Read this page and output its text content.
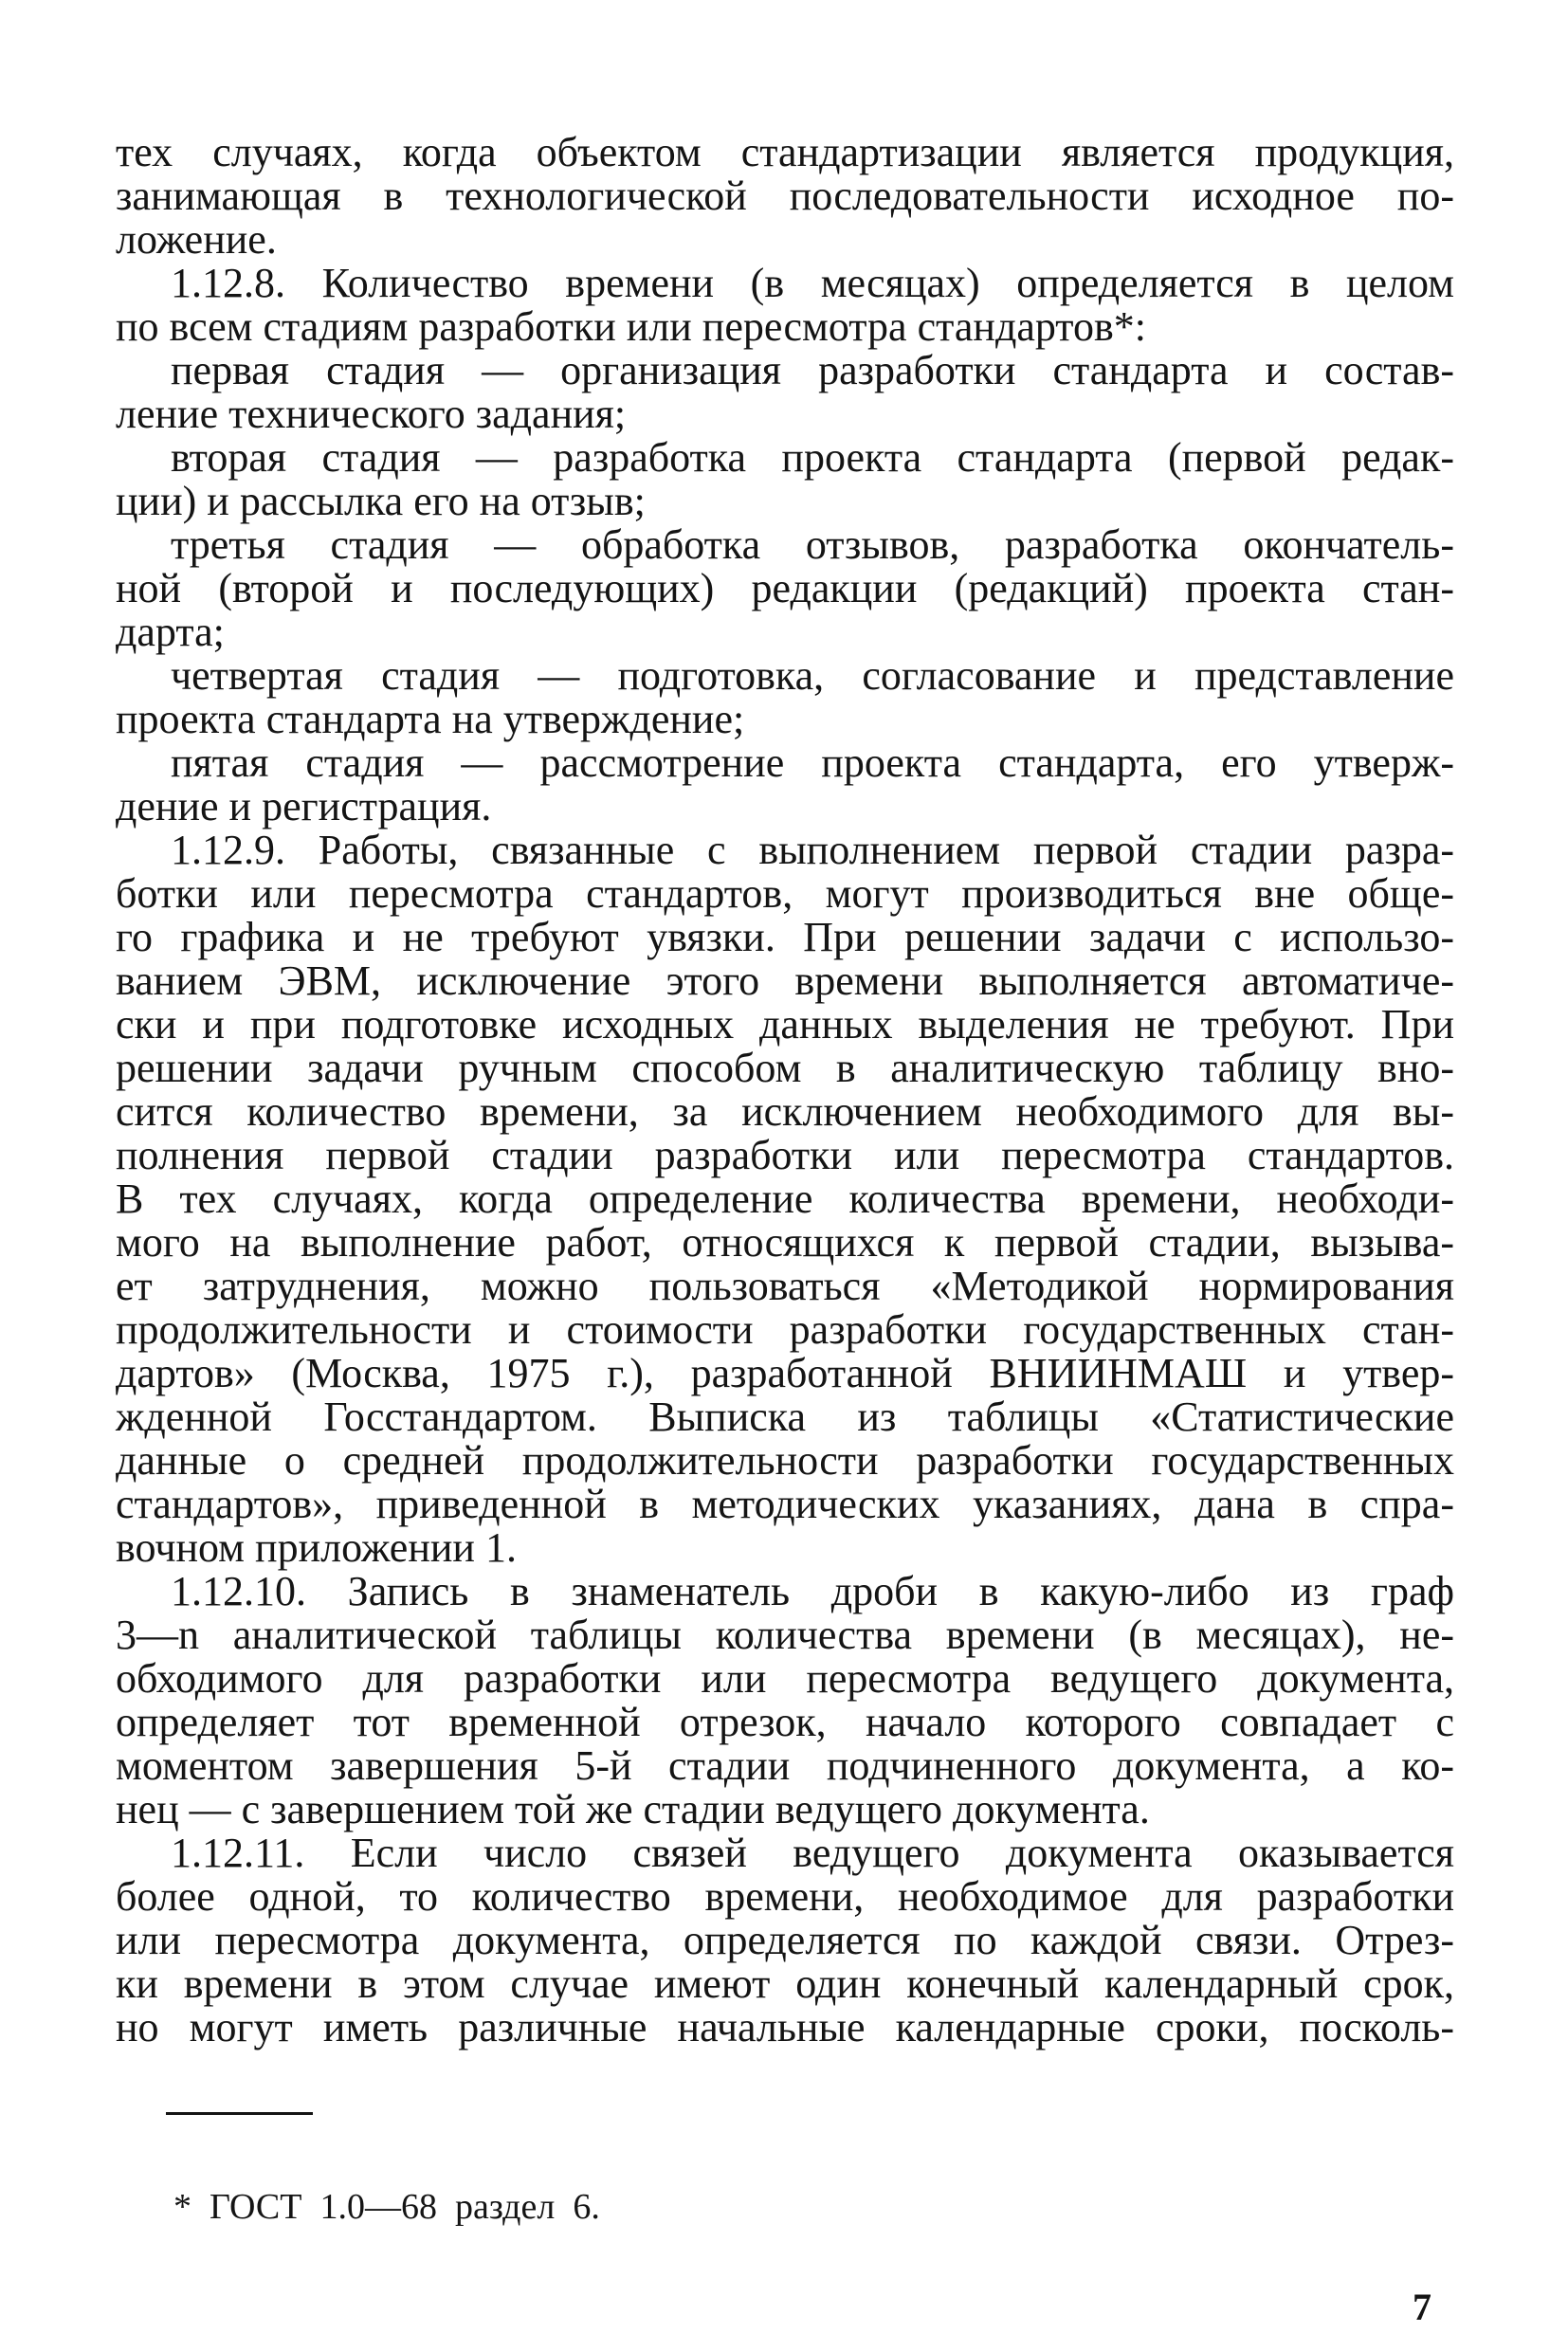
тех случаях, когда объектом стандартизации является продукция,
занимающая в технологической последовательности исходное по-
ложение.
1.12.8. Количество времени (в месяцах) определяется в целом
по всем стадиям разработки или пересмотра стандартов*:
первая стадия — организация разработки стандарта и состав-
ление технического задания;
вторая стадия — разработка проекта стандарта (первой редак-
ции) и рассылка его на отзыв;
третья стадия — обработка отзывов, разработка окончатель-
ной (второй и последующих) редакции (редакций) проекта стан-
дарта;
четвертая стадия — подготовка, согласование и представление
проекта стандарта на утверждение;
пятая стадия — рассмотрение проекта стандарта, его утверж-
дение и регистрация.
1.12.9. Работы, связанные с выполнением первой стадии разра-
ботки или пересмотра стандартов, могут производиться вне обще-
го графика и не требуют увязки. При решении задачи с использо-
ванием ЭВМ, исключение этого времени выполняется автоматиче-
ски и при подготовке исходных данных выделения не требуют. При
решении задачи ручным способом в аналитическую таблицу вно-
сится количество времени, за исключением необходимого для вы-
полнения первой стадии разработки или пересмотра стандартов.
В тех случаях, когда определение количества времени, необходи-
мого на выполнение работ, относящихся к первой стадии, вызыва-
ет затруднения, можно пользоваться «Методикой нормирования
продолжительности и стоимости разработки государственных стан-
дартов» (Москва, 1975 г.), разработанной ВНИИНМАШ и утвер-
жденной Госстандартом. Выписка из таблицы «Статистические
данные о средней продолжительности разработки государственных
стандартов», приведенной в методических указаниях, дана в спра-
вочном приложении 1.
1.12.10. Запись в знаменатель дроби в какую-либо из граф
3—n аналитической таблицы количества времени (в месяцах), не-
обходимого для разработки или пересмотра ведущего документа,
определяет тот временной отрезок, начало которого совпадает с
моментом завершения 5-й стадии подчиненного документа, а ко-
нец — с завершением той же стадии ведущего документа.
1.12.11. Если число связей ведущего документа оказывается
более одной, то количество времени, необходимое для разработки
или пересмотра документа, определяется по каждой связи. Отрез-
ки времени в этом случае имеют один конечный календарный срок,
но могут иметь различные начальные календарные сроки, посколь-
*  ГОСТ  1.0—68  раздел  6.
7
